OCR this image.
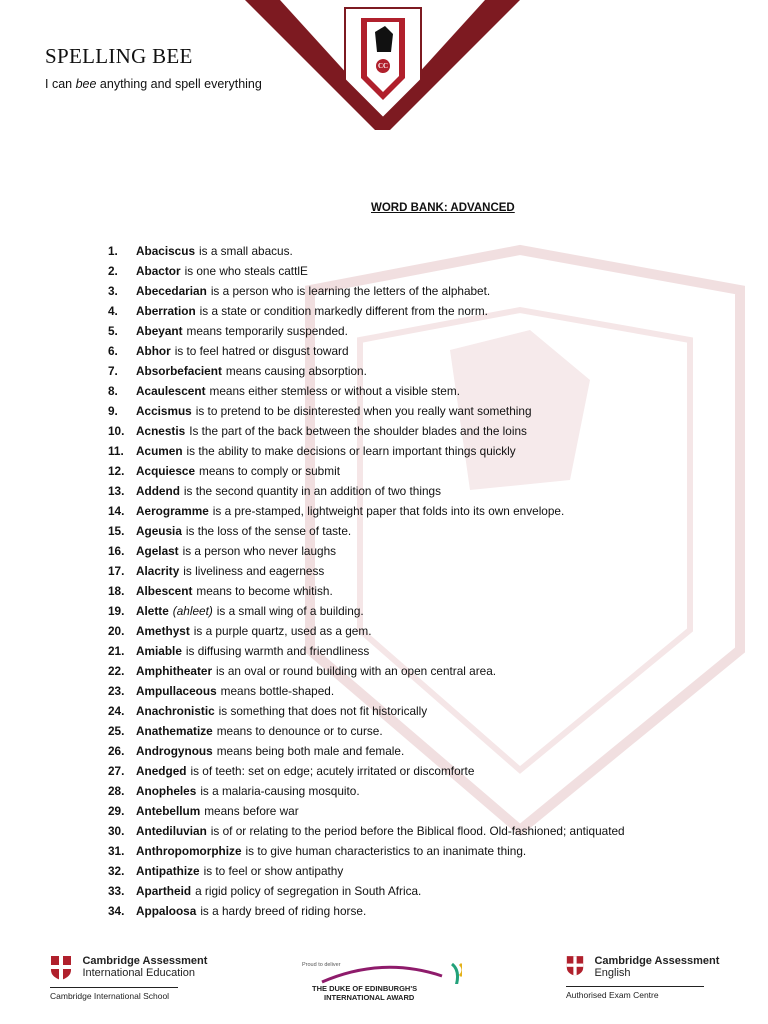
CC
SPELLING BEE
I can bee anything and spell everything
WORD BANK: ADVANCED
1.	Abaciscus is a small abacus.
2.	Abactor is one who steals cattlE
3.	Abecedarian is a person who is learning the letters of the alphabet.
4.	Aberration is a state or condition markedly different from the norm.
5.	Abeyant means temporarily suspended.
6.	Abhor is to feel hatred or disgust toward
7.	Absorbefacient means causing absorption.
8.	Acaulescent means either stemless or without a visible stem.
9.	Accismus is to pretend to be disinterested when you really want something
10. Acnestis Is the part of the back between the shoulder blades and the loins
11.	Acumen is the ability to make decisions or learn important things quickly
12. Acquiesce means to comply or submit
13. Addend is the second quantity in an addition of two things
14. Aerogramme is a pre-stamped, lightweight paper that folds into its own envelope.
15. Ageusia is the loss of the sense of taste.
16. Agelast is a person who never laughs
17. Alacrity is liveliness and eagerness
18. Albescent means to become whitish.
19. Alette (ahleet) is a small wing of a building.
20. Amethyst is a purple quartz, used as a gem.
21. Amiable is diffusing warmth and friendliness
22. Amphitheater is an oval or round building with an open central area.
23. Ampullaceous means bottle-shaped.
24. Anachronistic is something that does not fit historically
25. Anathematize means to denounce or to curse.
26. Androgynous means being both male and female.
27. Anedged is of teeth: set on edge; acutely irritated or discomforte
28. Anopheles is a malaria-causing mosquito.
29. Antebellum means before war
30. Antediluvian is of or relating to the period before the Biblical flood. Old-fashioned; antiquated
31. Anthropomorphize is to give human characteristics to an inanimate thing.
32. Antipathize is to feel or show antipathy
33. Apartheid a rigid policy of segregation in South Africa.
34. Appaloosa is a hardy breed of riding horse.

Cambridge Assessment
International Education
Cambridge International School
Proud to deliver
THE DUKE OF EDINBURGH'S
INTERNATIONAL AWARD

Cambridge Assessment
English
Authorised Exam Centre
